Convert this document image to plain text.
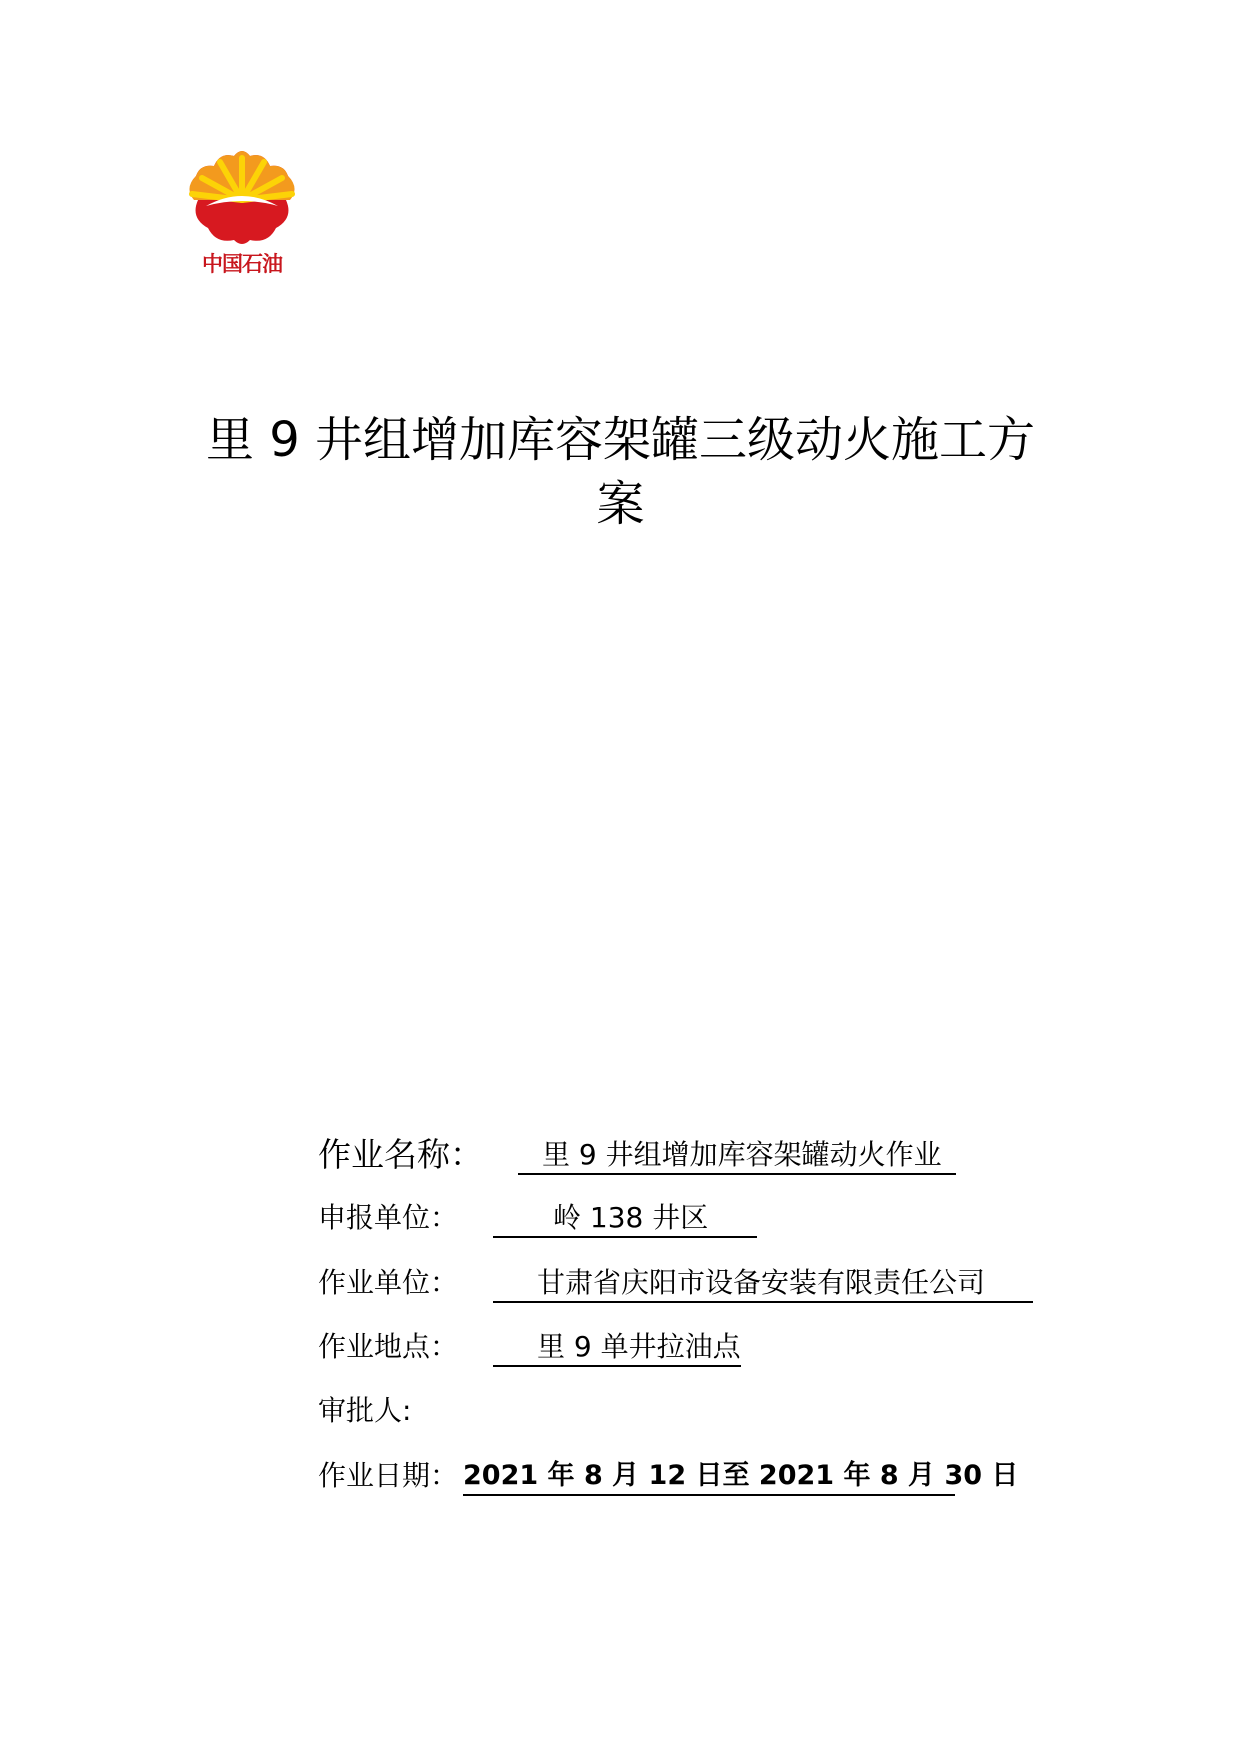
中国石油
里 9 井组增加库容架罐三级动火施工方
案
作业名称：	里 9 井组增加库容架罐动火作业
申报单位：	岭 138 井区
作业单位：	甘肃省庆阳市设备安装有限责任公司
作业地点：	里 9 单井拉油点
审批人:
作业日期： 2021 年 8 月 12 日至 2021 年 8 月 30 日
